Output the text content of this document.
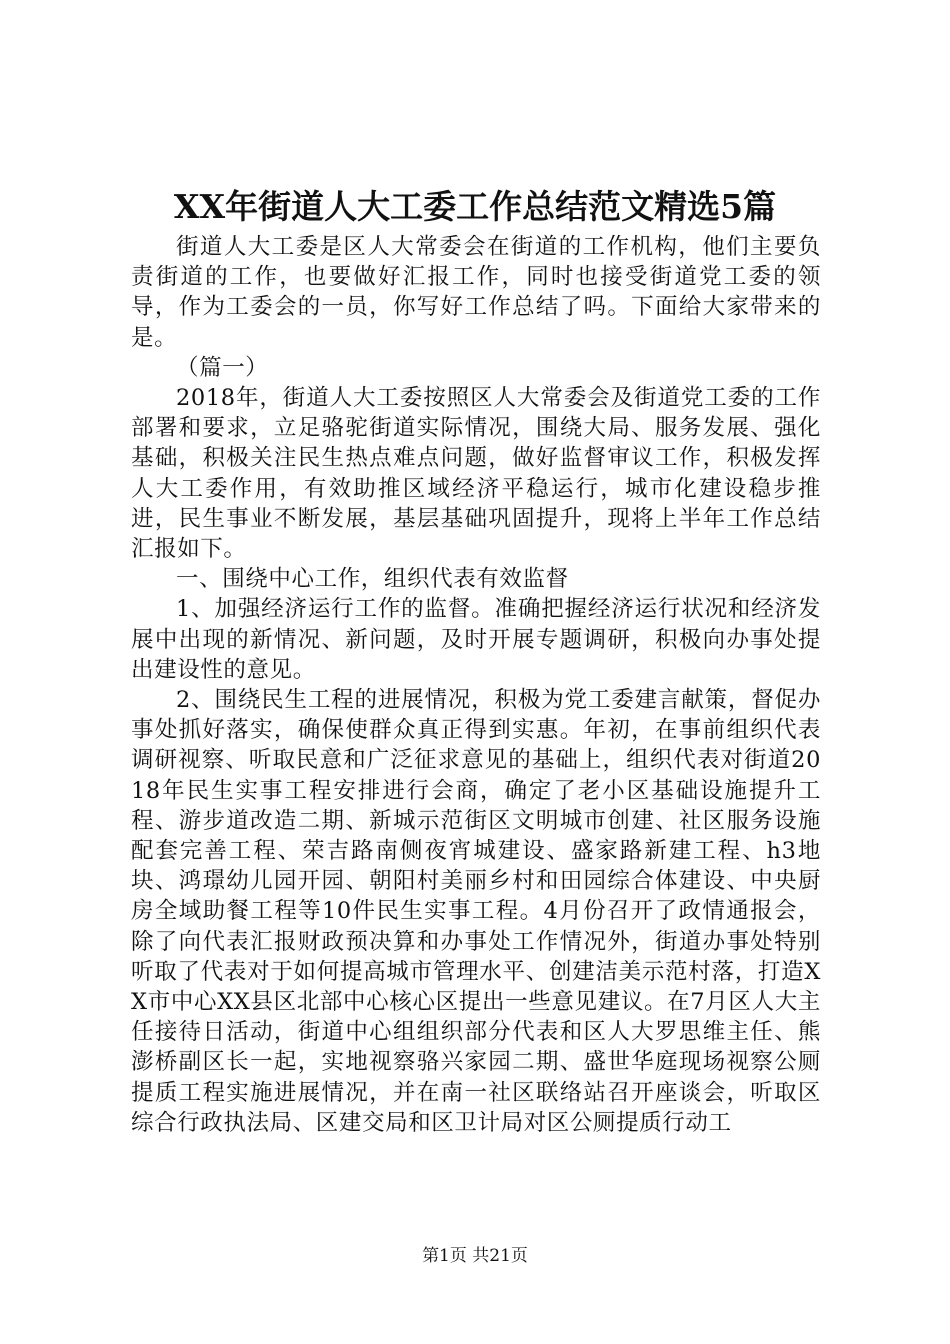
XX年街道人大工委工作总结范文精选5篇

街道人大工委是区人大常委会在街道的工作机构，他们主要负责街道的工作，也要做好汇报工作，同时也接受街道党工委的领导，作为工委会的一员，你写好工作总结了吗。下面给大家带来的是。

（篇一）

2018年，街道人大工委按照区人大常委会及街道党工委的工作部署和要求，立足骆驼街道实际情况，围绕大局、服务发展、强化基础，积极关注民生热点难点问题，做好监督审议工作，积极发挥人大工委作用，有效助推区域经济平稳运行，城市化建设稳步推进，民生事业不断发展，基层基础巩固提升，现将上半年工作总结汇报如下。

一、围绕中心工作，组织代表有效监督

1、加强经济运行工作的监督。准确把握经济运行状况和经济发展中出现的新情况、新问题，及时开展专题调研，积极向办事处提出建设性的意见。

2、围绕民生工程的进展情况，积极为党工委建言献策，督促办事处抓好落实，确保使群众真正得到实惠。年初，在事前组织代表调研视察、听取民意和广泛征求意见的基础上，组织代表对街道2018年民生实事工程安排进行会商，确定了老小区基础设施提升工程、游步道改造二期、新城示范街区文明城市创建、社区服务设施配套完善工程、荣吉路南侧夜宵城建设、盛家路新建工程、h3地块、鸿璟幼儿园开园、朝阳村美丽乡村和田园综合体建设、中央厨房全域助餐工程等10件民生实事工程。4月份召开了政情通报会，除了向代表汇报财政预决算和办事处工作情况外，街道办事处特别听取了代表对于如何提高城市管理水平、创建洁美示范村落，打造XX市中心XX县区北部中心核心区提出一些意见建议。在7月区人大主任接待日活动，街道中心组组织部分代表和区人大罗思维主任、熊澎桥副区长一起，实地视察骆兴家园二期、盛世华庭现场视察公厕提质工程实施进展情况，并在南一社区联络站召开座谈会，听取区综合行政执法局、区建交局和区卫计局对区公厕提质行动工

第1页 共21页
